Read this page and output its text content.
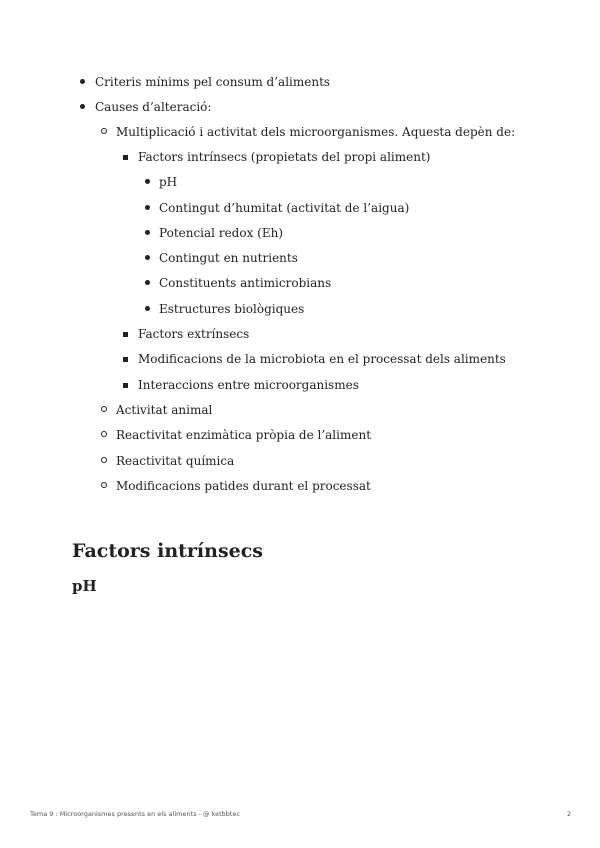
Criteris mínims pel consum d’aliments
Causes d’alteració:
Multiplicació i activitat dels microorganismes. Aquesta depèn de:
Factors intrínsecs (propietats del propi aliment)
pH
Contingut d’humitat (activitat de l’aigua)
Potencial redox (Eh)
Contingut en nutrients
Constituents antimicrobians
Estructures biològiques
Factors extrínsecs
Modificacions de la microbiota en el processat dels aliments
Interaccions entre microorganismes
Activitat animal
Reactivitat enzimàtica pròpia de l’aliment
Reactivitat química
Modificacions patides durant el processat
Factors intrínsecs
pH
Tema 9 : Microorganismes presents en els aliments - @ ketbbtec	2
